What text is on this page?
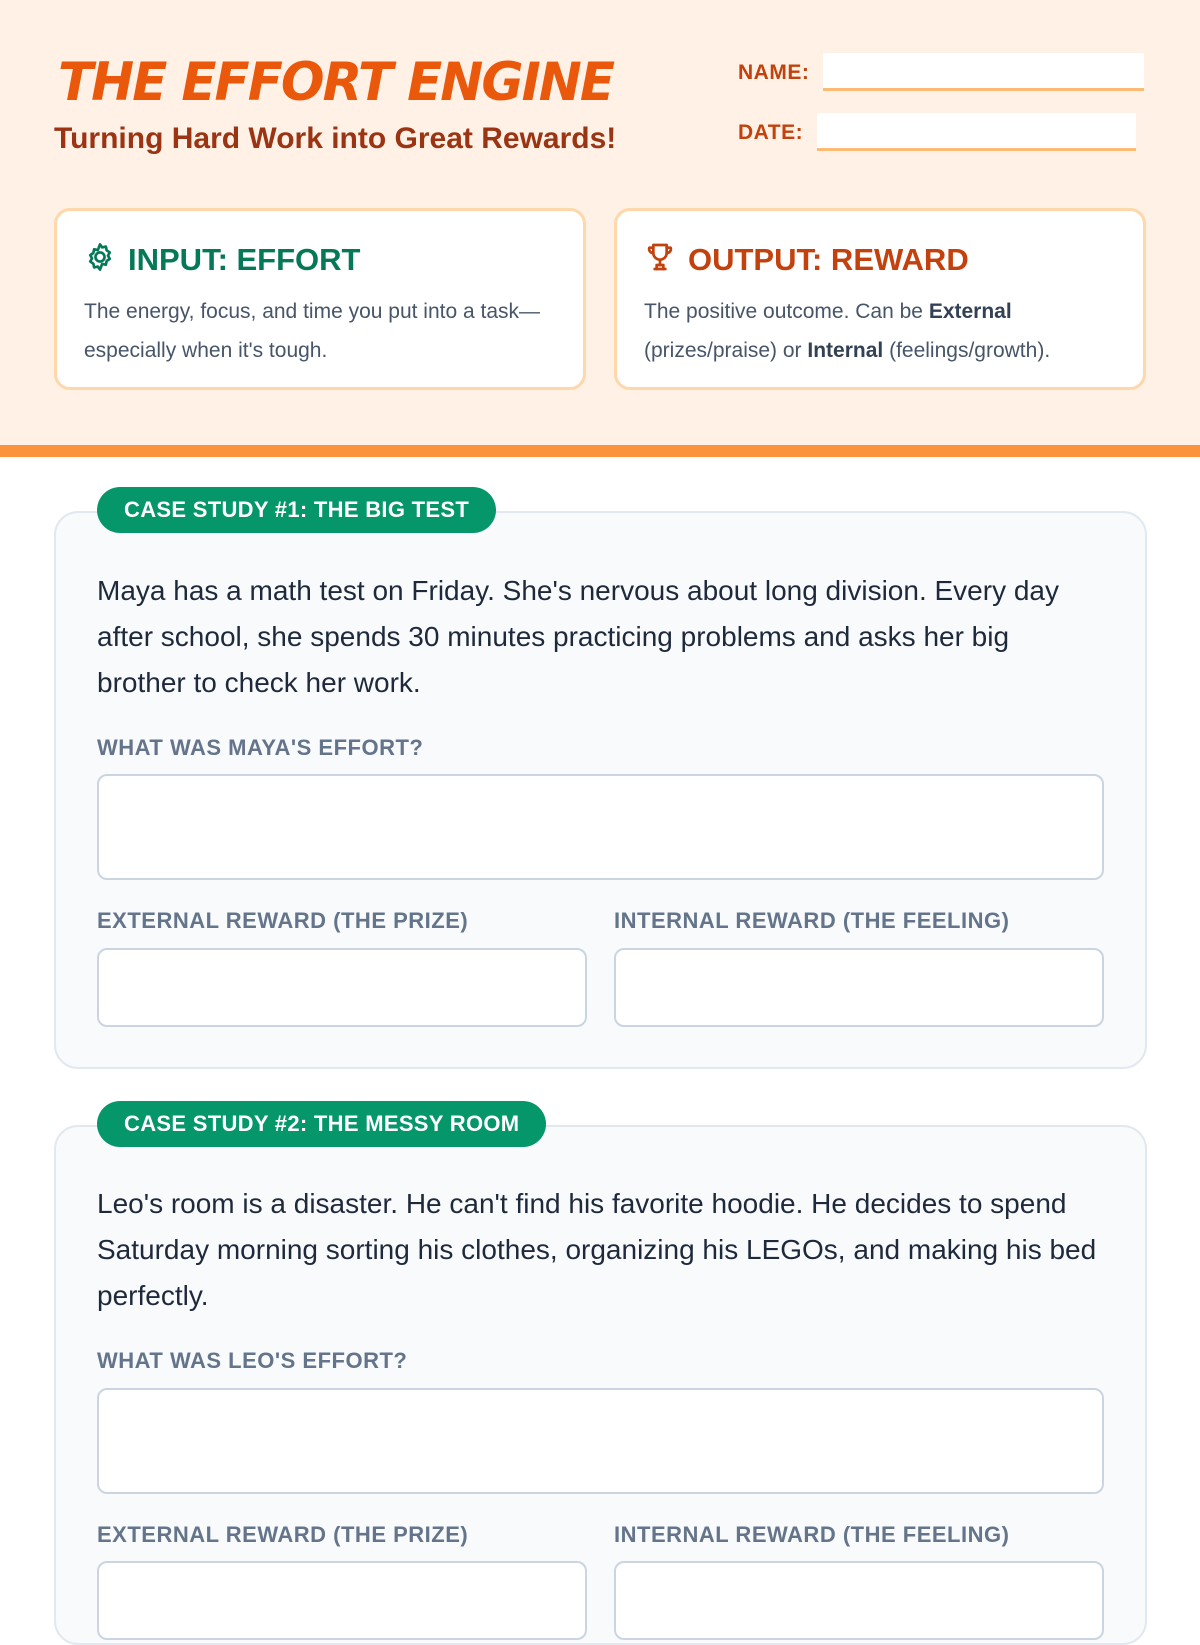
THE EFFORT ENGINE

Turning Hard Work into Great Rewards!

NAME:
DATE:
INPUT: EFFORT

The energy, focus, and time you put into a task—especially when it's tough.

OUTPUT: REWARD

The positive outcome. Can be External (prizes/praise) or Internal (feelings/growth).

CASE STUDY #1: THE BIG TEST

Maya has a math test on Friday. She's nervous about long division. Every day after school, she spends 30 minutes practicing problems and asks her big brother to check her work.

WHAT WAS MAYA'S EFFORT?
EXTERNAL REWARD (THE PRIZE)	INTERNAL REWARD (THE FEELING)
CASE STUDY #2: THE MESSY ROOM

Leo's room is a disaster. He can't find his favorite hoodie. He decides to spend Saturday morning sorting his clothes, organizing his LEGOs, and making his bed perfectly.

WHAT WAS LEO'S EFFORT?
EXTERNAL REWARD (THE PRIZE)	INTERNAL REWARD (THE FEELING)
